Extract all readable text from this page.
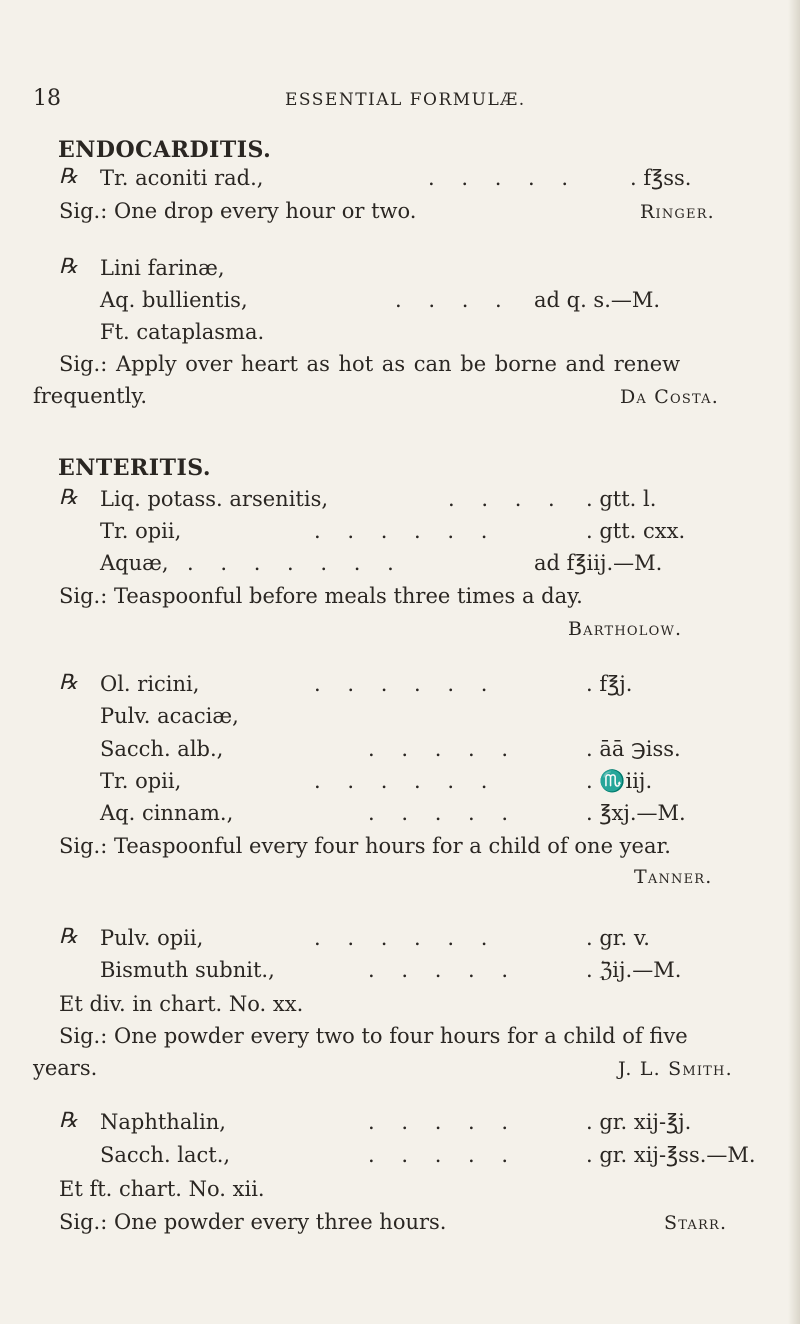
18	ESSENTIAL FORMULÆ.
ENDOCARDITIS.
℞ Tr. aconiti rad.,	. . . . . . f℥ss.
Sig.: One drop every hour or two.	Ringer.
℞ Lini farinæ,
Aq. bullientis,	. . . . ad q. s.—M.
Ft. cataplasma.
Sig.: Apply over heart as hot as can be borne and renew
frequently.	Da Costa.
ENTERITIS.
℞ Liq. potass. arsenitis,	. . . . . gtt. l.
Tr. opii,	. . . . . .	. gtt. cxx.
Aquæ, . . . . . . .	ad f℥iij.—M.
Sig.: Teaspoonful before meals three times a day.
Bartholow.
℞ Ol. ricini,	. . . . . .	. f℥j.
Pulv. acaciæ,
Sacch. alb.,	. . . . .	. āā ℈iss.
Tr. opii,	. . . . . .	. ♏iij.
Aq. cinnam.,	. . . . .	. ℥xj.—M.
Sig.: Teaspoonful every four hours for a child of one year.
Tanner.
℞ Pulv. opii,	. . . . . .	. gr. v.
Bismuth subnit.,	. . . . .	. ℨij.—M.
Et div. in chart. No. xx.
Sig.: One powder every two to four hours for a child of five
years.	J. L. Smith.
℞ Naphthalin,	. . . . .	. gr. xij-℥j.
Sacch. lact.,	. . . . .	. gr. xij-℥ss.—M.
Et ft. chart. No. xii.
Sig.: One powder every three hours.	Starr.
